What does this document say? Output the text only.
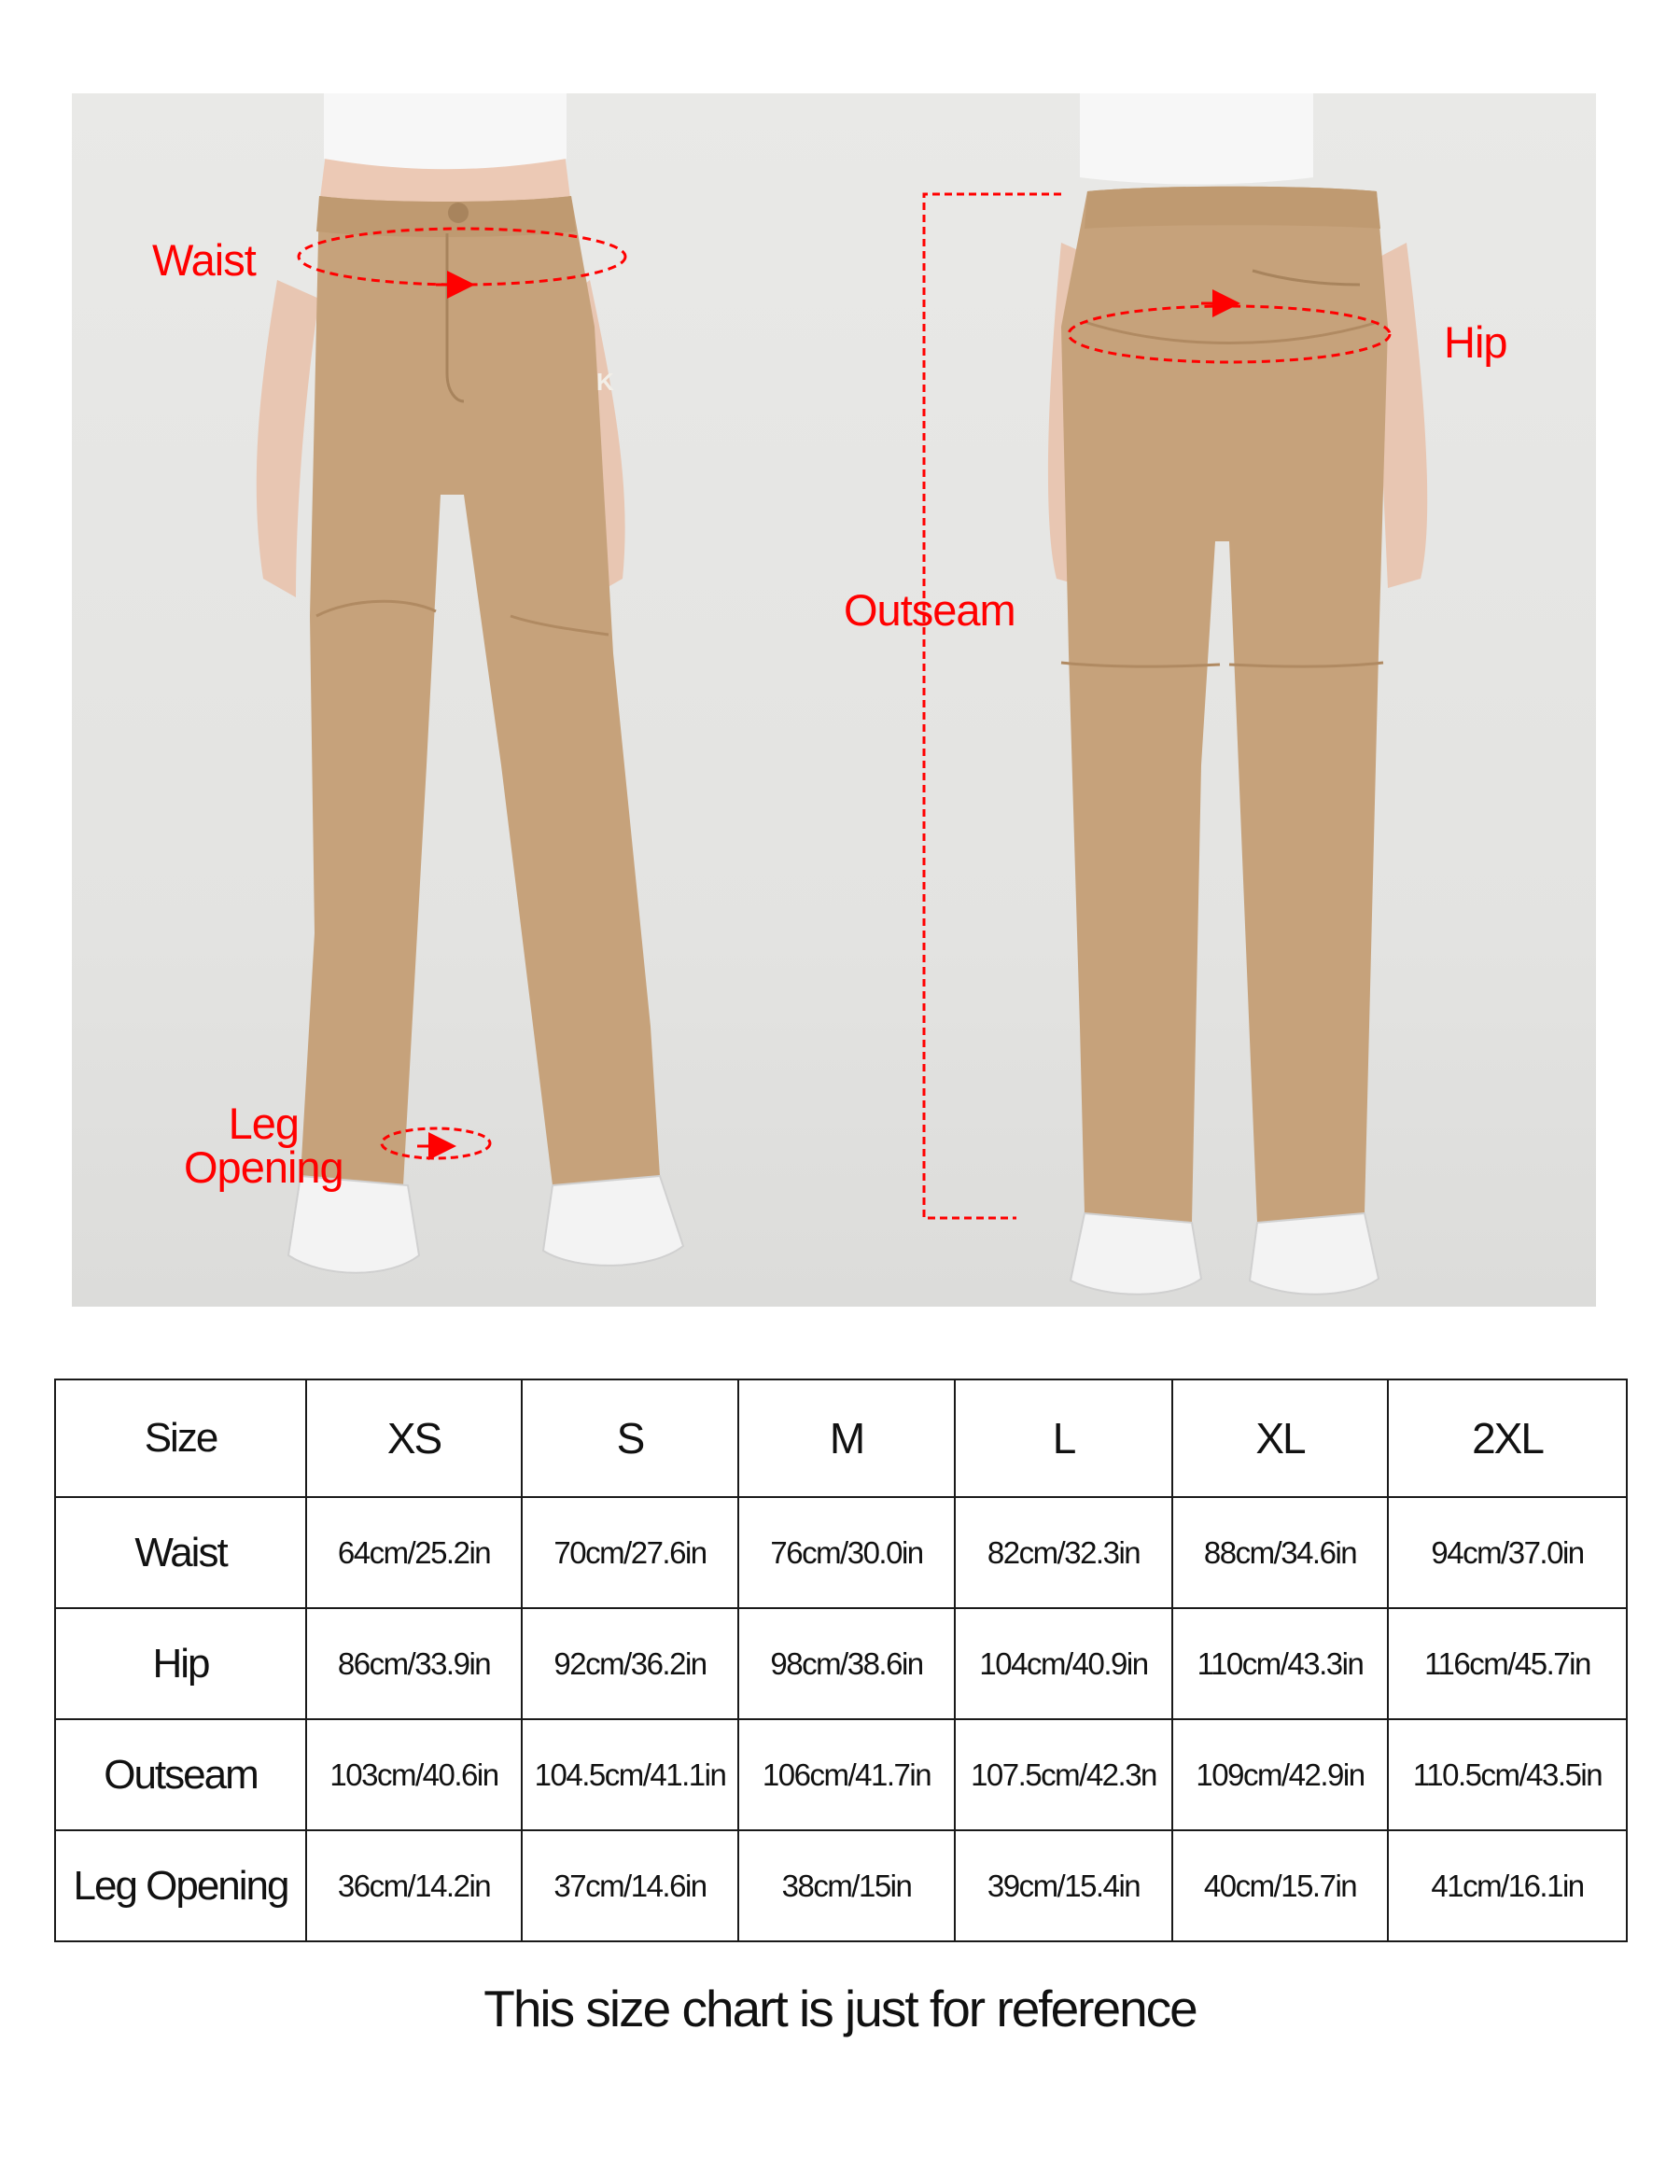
K
Waist
Leg
Opening
Outseam
Hip
Size	XS	S	M	L	XL	2XL
Waist	64cm/25.2in	70cm/27.6in	76cm/30.0in	82cm/32.3in	88cm/34.6in	94cm/37.0in
Hip	86cm/33.9in	92cm/36.2in	98cm/38.6in	104cm/40.9in	110cm/43.3in	116cm/45.7in
Outseam	103cm/40.6in	104.5cm/41.1in	106cm/41.7in	107.5cm/42.3n	109cm/42.9in	110.5cm/43.5in
Leg Opening	36cm/14.2in	37cm/14.6in	38cm/15in	39cm/15.4in	40cm/15.7in	41cm/16.1in
This size chart is just for reference
